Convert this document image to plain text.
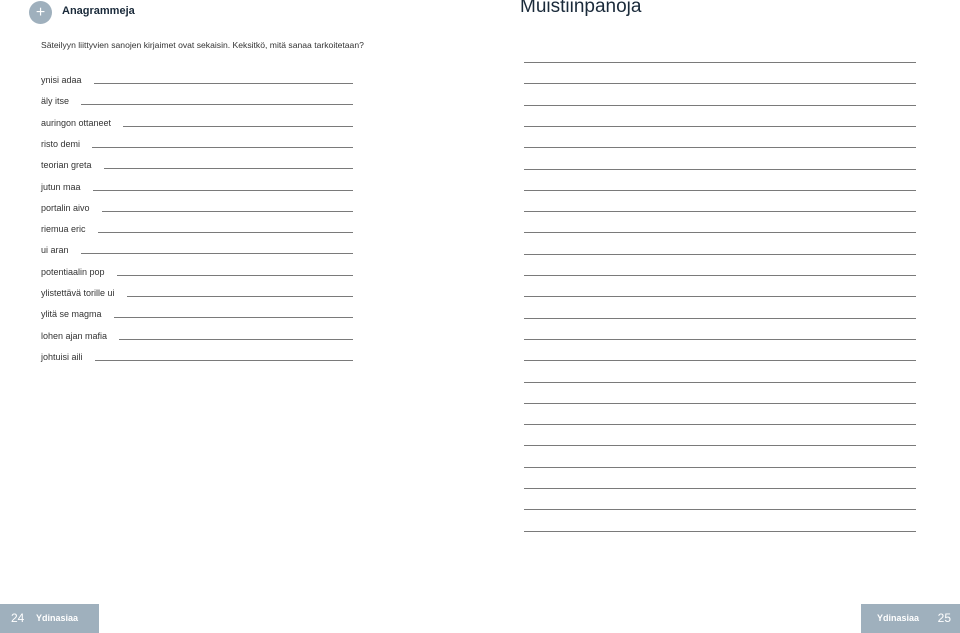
+	Anagrammeja
Säteilyyn liittyvien sanojen kirjaimet ovat sekaisin. Keksitkö, mitä sanaa tarkoitetaan?
ynisi adaa
äly itse
auringon ottaneet
risto demi
teorian greta
jutun maa
portalin aivo
riemua eric
ui aran
potentiaalin pop
ylistettävä torille ui
ylitä se magma
lohen ajan mafia
johtuisi aili
Muistiinpanoja
24 Ydinasiaa	Ydinasiaa 25
